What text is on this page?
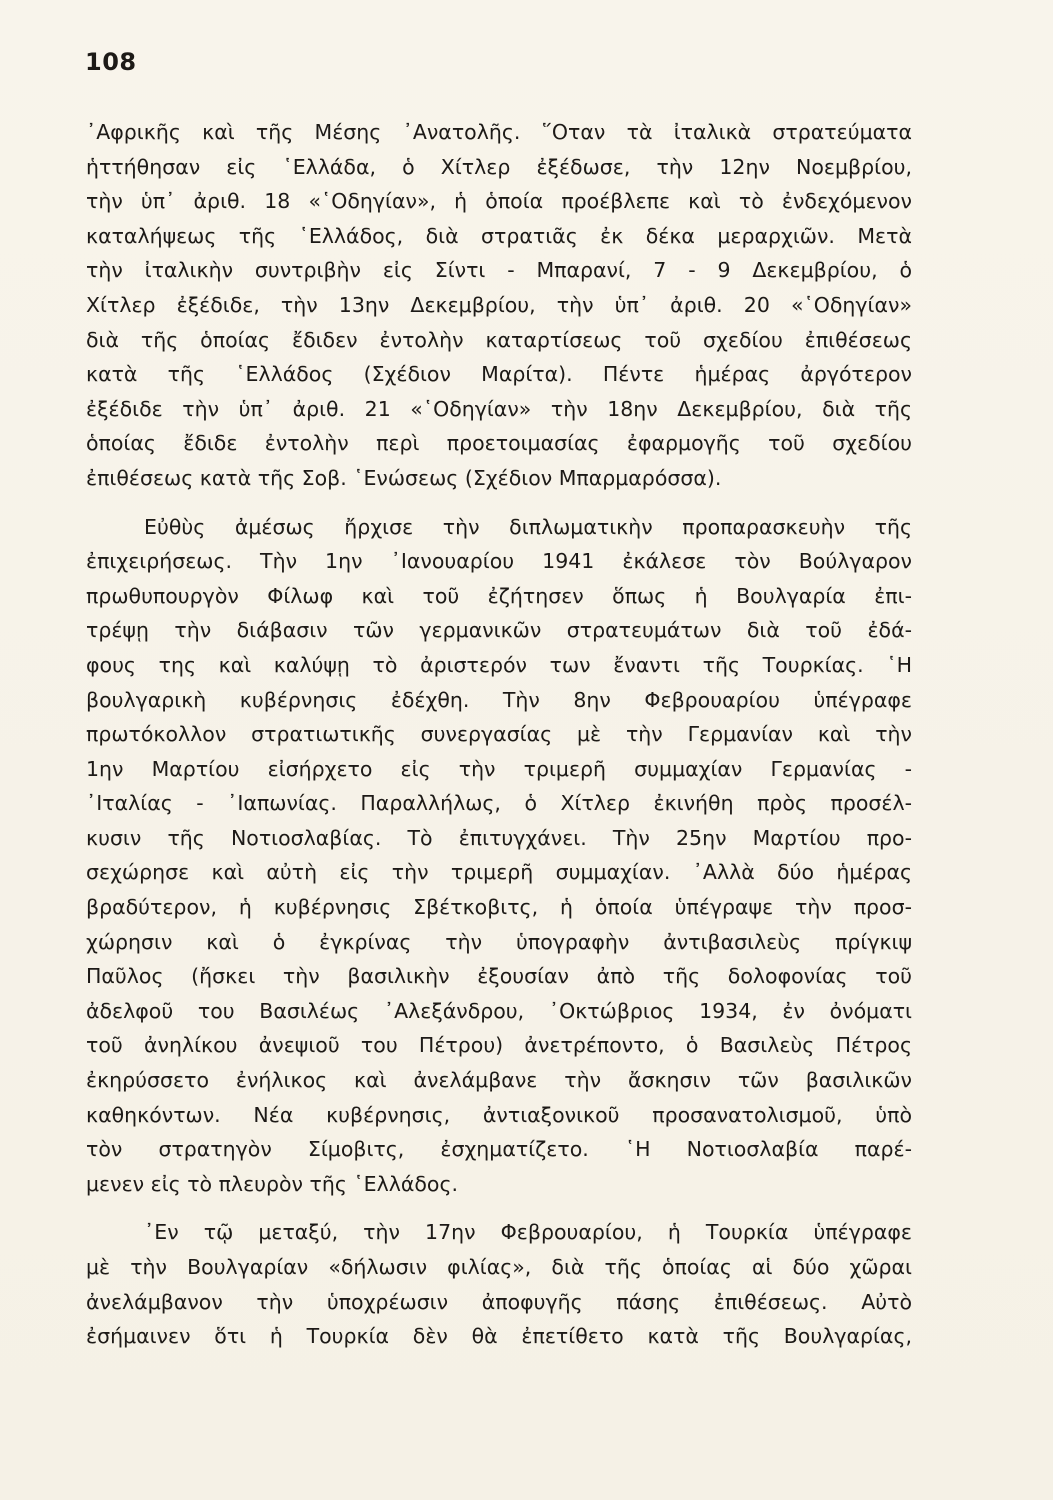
108
᾽Αφρικῆς καὶ τῆς Μέσης ᾽Ανατολῆς. ῞Οταν τὰ ἰταλικὰ στρατεύματα
ἡττήθησαν εἰς ῾Ελλάδα, ὁ Χίτλερ ἐξέδωσε, τὴν 12ην Νοεμβρίου,
τὴν ὑπ᾽ ἀριθ. 18 «῾Οδηγίαν», ἡ ὁποία προέβλεπε καὶ τὸ ἐνδεχόμενον
καταλήψεως τῆς ῾Ελλάδος, διὰ στρατιᾶς ἐκ δέκα μεραρχιῶν. Μετὰ
τὴν ἰταλικὴν συντριβὴν εἰς Σίντι - Μπαρανί, 7 - 9 Δεκεμβρίου, ὁ
Χίτλερ ἐξέδιδε, τὴν 13ην Δεκεμβρίου, τὴν ὑπ᾽ ἀριθ. 20 «῾Οδηγίαν»
διὰ τῆς ὁποίας ἔδιδεν ἐντολὴν καταρτίσεως τοῦ σχεδίου ἐπιθέσεως
κατὰ τῆς ῾Ελλάδος (Σχέδιον Μαρίτα). Πέντε ἡμέρας ἀργότερον
ἐξέδιδε τὴν ὑπ᾽ ἀριθ. 21 «῾Οδηγίαν» τὴν 18ην Δεκεμβρίου, διὰ τῆς
ὁποίας ἔδιδε ἐντολὴν περὶ προετοιμασίας ἐφαρμογῆς τοῦ σχεδίου
ἐπιθέσεως κατὰ τῆς Σοβ. ῾Ενώσεως (Σχέδιον Μπαρμαρόσσα).
Εὐθὺς ἀμέσως ἤρχισε τὴν διπλωματικὴν προπαρασκευὴν τῆς
ἐπιχειρήσεως. Τὴν 1ην ᾽Ιανουαρίου 1941 ἐκάλεσε τὸν Βούλγαρον
πρωθυπουργὸν Φίλωφ καὶ τοῦ ἐζήτησεν ὅπως ἡ Βουλγαρία ἐπι-
τρέψῃ τὴν διάβασιν τῶν γερμανικῶν στρατευμάτων διὰ τοῦ ἐδά-
φους της καὶ καλύψῃ τὸ ἀριστερόν των ἔναντι τῆς Τουρκίας. ῾Η
βουλγαρικὴ κυβέρνησις ἐδέχθη. Τὴν 8ην Φεβρουαρίου ὑπέγραφε
πρωτόκολλον στρατιωτικῆς συνεργασίας μὲ τὴν Γερμανίαν καὶ τὴν
1ην Μαρτίου εἰσήρχετο εἰς τὴν τριμερῆ συμμαχίαν Γερμανίας -
᾽Ιταλίας - ᾽Ιαπωνίας. Παραλλήλως, ὁ Χίτλερ ἐκινήθη πρὸς προσέλ-
κυσιν τῆς Νοτιοσλαβίας. Τὸ ἐπιτυγχάνει. Τὴν 25ην Μαρτίου προ-
σεχώρησε καὶ αὐτὴ εἰς τὴν τριμερῆ συμμαχίαν. ᾽Αλλὰ δύο ἡμέρας
βραδύτερον, ἡ κυβέρνησις Σβέτκοβιτς, ἡ ὁποία ὑπέγραψε τὴν προσ-
χώρησιν καὶ ὁ ἐγκρίνας τὴν ὑπογραφὴν ἀντιβασιλεὺς πρίγκιψ
Παῦλος (ἤσκει τὴν βασιλικὴν ἐξουσίαν ἀπὸ τῆς δολοφονίας τοῦ
ἀδελφοῦ του Βασιλέως ᾽Αλεξάνδρου, ᾽Οκτώβριος 1934, ἐν ὀνόματι
τοῦ ἀνηλίκου ἀνεψιοῦ του Πέτρου) ἀνετρέποντο, ὁ Βασιλεὺς Πέτρος
ἐκηρύσσετο ἐνήλικος καὶ ἀνελάμβανε τὴν ἄσκησιν τῶν βασιλικῶν
καθηκόντων. Νέα κυβέρνησις, ἀντιαξονικοῦ προσανατολισμοῦ, ὑπὸ
τὸν στρατηγὸν Σίμοβιτς, ἐσχηματίζετο. ῾Η Νοτιοσλαβία παρέ-
μενεν εἰς τὸ πλευρὸν τῆς ῾Ελλάδος.
᾽Εν τῷ μεταξύ, τὴν 17ην Φεβρουαρίου, ἡ Τουρκία ὑπέγραφε
μὲ τὴν Βουλγαρίαν «δήλωσιν φιλίας», διὰ τῆς ὁποίας αἱ δύο χῶραι
ἀνελάμβανον τὴν ὑποχρέωσιν ἀποφυγῆς πάσης ἐπιθέσεως. Αὐτὸ
ἐσήμαινεν ὅτι ἡ Τουρκία δὲν θὰ ἐπετίθετο κατὰ τῆς Βουλγαρίας,
